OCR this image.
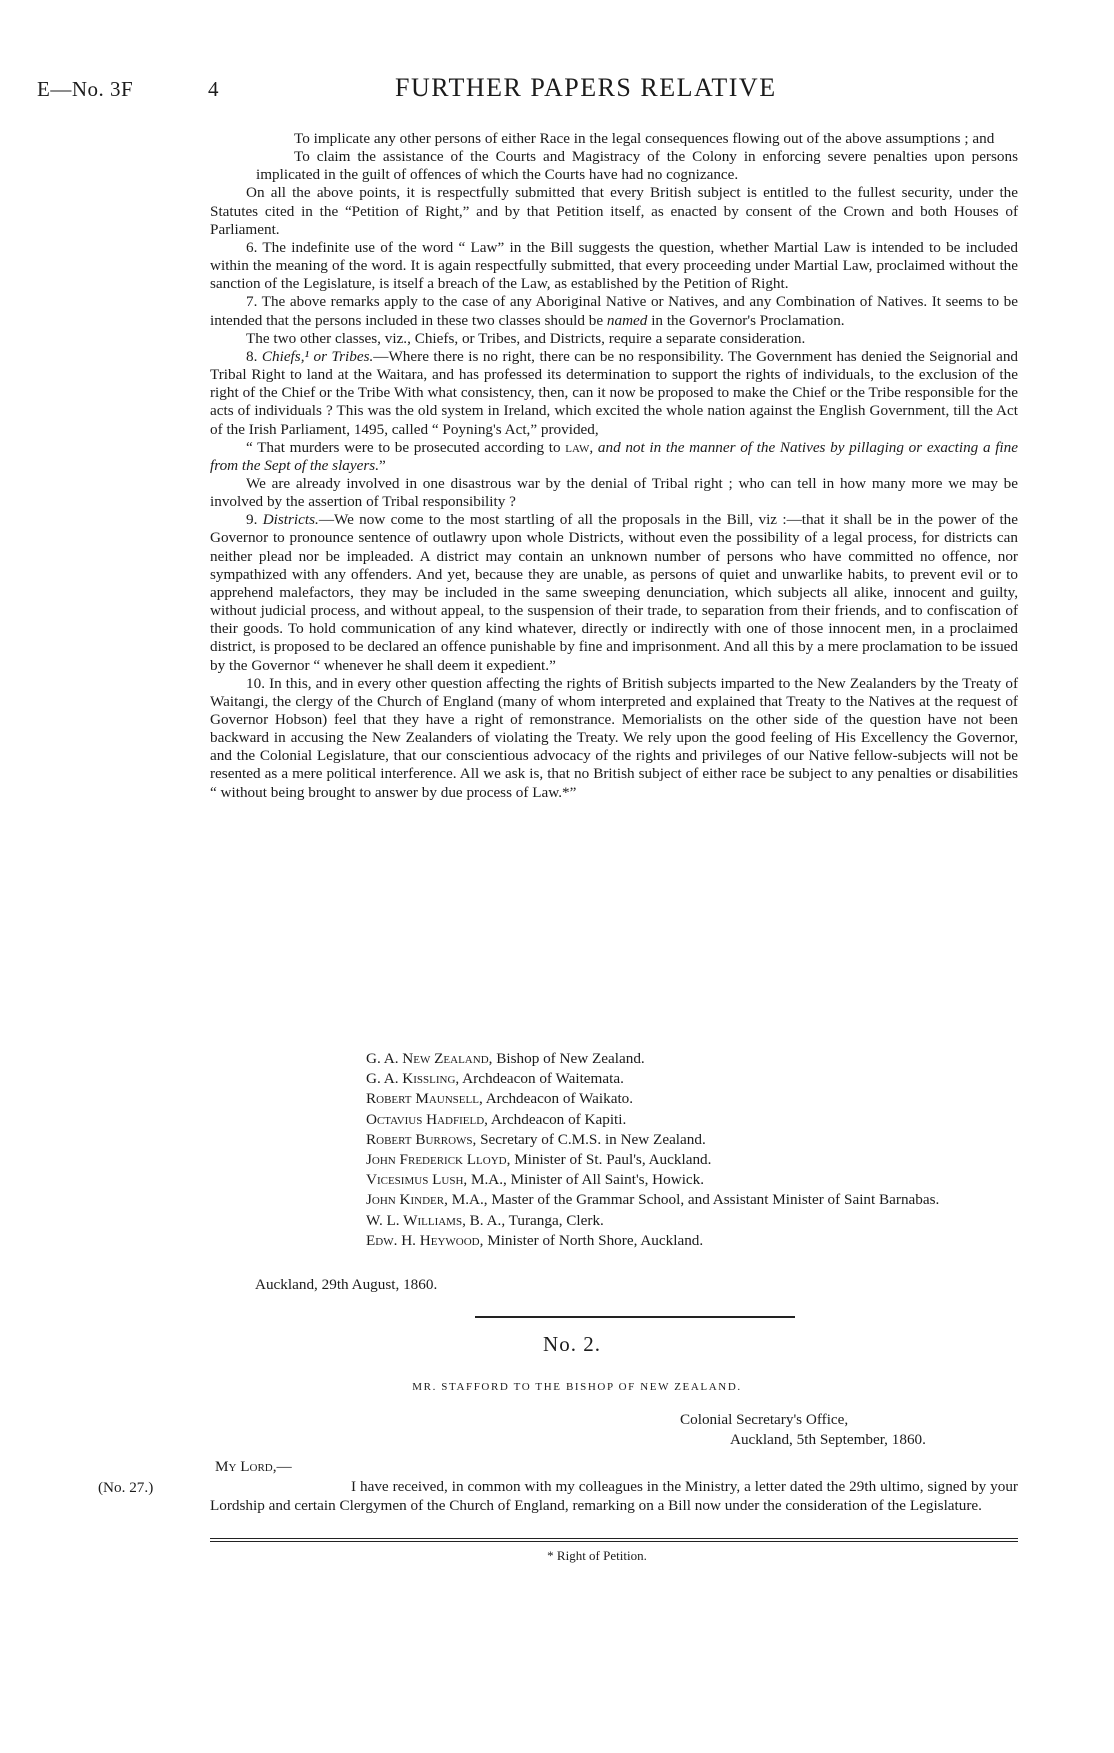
E—No. 3F	4	FURTHER PAPERS RELATIVE

To implicate any other persons of either Race in the legal consequences flowing out of the above assumptions ; and

To claim the assistance of the Courts and Magistracy of the Colony in enforcing severe penalties upon persons implicated in the guilt of offences of which the Courts have had no cognizance.

On all the above points, it is respectfully submitted that every British subject is entitled to the fullest security, under the Statutes cited in the “Petition of Right,” and by that Petition itself, as enacted by consent of the Crown and both Houses of Parliament.

6. The indefinite use of the word “ Law” in the Bill suggests the question, whether Martial Law is intended to be included within the meaning of the word. It is again respectfully submitted, that every proceeding under Martial Law, proclaimed without the sanction of the Legislature, is itself a breach of the Law, as established by the Petition of Right.

7. The above remarks apply to the case of any Aboriginal Native or Natives, and any Combination of Natives. It seems to be intended that the persons included in these two classes should be named in the Governor's Proclamation.

The two other classes, viz., Chiefs, or Tribes, and Districts, require a separate consideration.

8. Chiefs,¹ or Tribes.—Where there is no right, there can be no responsibility. The Government has denied the Seignorial and Tribal Right to land at the Waitara, and has professed its determination to support the rights of individuals, to the exclusion of the right of the Chief or the Tribe With what consistency, then, can it now be proposed to make the Chief or the Tribe responsible for the acts of individuals ? This was the old system in Ireland, which excited the whole nation against the English Government, till the Act of the Irish Parliament, 1495, called “ Poyning's Act,” provided,

“ That murders were to be prosecuted according to law, and not in the manner of the Natives by pillaging or exacting a fine from the Sept of the slayers.”

We are already involved in one disastrous war by the denial of Tribal right ; who can tell in how many more we may be involved by the assertion of Tribal responsibility ?

9. Districts.—We now come to the most startling of all the proposals in the Bill, viz :—that it shall be in the power of the Governor to pronounce sentence of outlawry upon whole Districts, without even the possibility of a legal process, for districts can neither plead nor be impleaded. A district may contain an unknown number of persons who have committed no offence, nor sympathized with any offenders. And yet, because they are unable, as persons of quiet and unwarlike habits, to prevent evil or to apprehend malefactors, they may be included in the same sweeping denunciation, which subjects all alike, innocent and guilty, without judicial process, and without appeal, to the suspension of their trade, to separation from their friends, and to confiscation of their goods. To hold communication of any kind whatever, directly or indirectly with one of those innocent men, in a proclaimed district, is proposed to be declared an offence punishable by fine and imprisonment. And all this by a mere proclamation to be issued by the Governor “ whenever he shall deem it expedient.”

10. In this, and in every other question affecting the rights of British subjects imparted to the New Zealanders by the Treaty of Waitangi, the clergy of the Church of England (many of whom interpreted and explained that Treaty to the Natives at the request of Governor Hobson) feel that they have a right of remonstrance. Memorialists on the other side of the question have not been backward in accusing the New Zealanders of violating the Treaty. We rely upon the good feeling of His Excellency the Governor, and the Colonial Legislature, that our conscientious advocacy of the rights and privileges of our Native fellow-subjects will not be resented as a mere political interference. All we ask is, that no British subject of either race be subject to any penalties or disabilities “ without being brought to answer by due process of Law.*”

G. A. New Zealand, Bishop of New Zealand.

G. A. Kissling, Archdeacon of Waitemata.

Robert Maunsell, Archdeacon of Waikato.

Octavius Hadfield, Archdeacon of Kapiti.

Robert Burrows, Secretary of C.M.S. in New Zealand.

John Frederick Lloyd, Minister of St. Paul's, Auckland.

Vicesimus Lush, M.A., Minister of All Saint's, Howick.

John Kinder, M.A., Master of the Grammar School, and Assistant Minister of Saint Barnabas.

W. L. Williams, B. A., Turanga, Clerk.

Edw. H. Heywood, Minister of North Shore, Auckland.

Auckland, 29th August, 1860.
No. 2.
MR. STAFFORD TO THE BISHOP OF NEW ZEALAND.
Colonial Secretary's Office,
Auckland, 5th September, 1860.
My Lord,—
(No. 27.)	I have received, in common with my colleagues in the Ministry, a letter dated the 29th ultimo, signed by your Lordship and certain Clergymen of the Church of England, remarking on a Bill now under the consideration of the Legislature.
* Right of Petition.
